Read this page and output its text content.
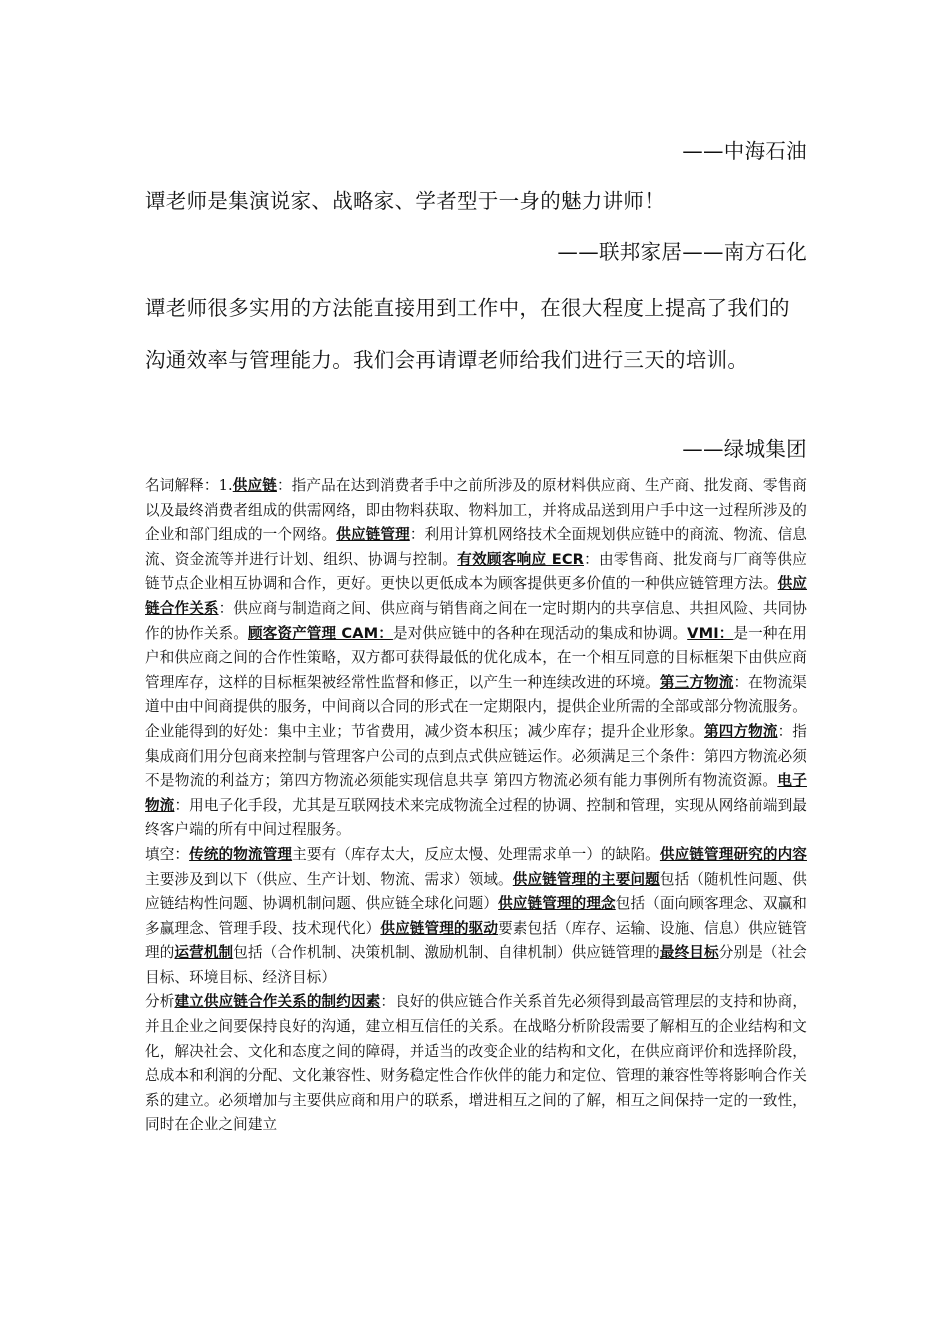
——中海石油
谭老师是集演说家、战略家、学者型于一身的魅力讲师！
——联邦家居——南方石化
谭老师很多实用的方法能直接用到工作中，在很大程度上提高了我们的沟通效率与管理能力。我们会再请谭老师给我们进行三天的培训。
——绿城集团

名词解释：1.供应链：指产品在达到消费者手中之前所涉及的原材料供应商、生产商、批发商、零售商以及最终消费者组成的供需网络，即由物料获取、物料加工，并将成品送到用户手中这一过程所涉及的企业和部门组成的一个网络。供应链管理：利用计算机网络技术全面规划供应链中的商流、物流、信息流、资金流等并进行计划、组织、协调与控制。有效顾客响应 ECR：由零售商、批发商与厂商等供应链节点企业相互协调和合作，更好。更快以更低成本为顾客提供更多价值的一种供应链管理方法。供应链合作关系：供应商与制造商之间、供应商与销售商之间在一定时期内的共享信息、共担风险、共同协作的协作关系。顾客资产管理 CAM：是对供应链中的各种在现活动的集成和协调。VMI：是一种在用户和供应商之间的合作性策略，双方都可获得最低的优化成本，在一个相互同意的目标框架下由供应商管理库存，这样的目标框架被经常性监督和修正，以产生一种连续改进的环境。第三方物流：在物流渠道中由中间商提供的服务，中间商以合同的形式在一定期限内，提供企业所需的全部或部分物流服务。企业能得到的好处：集中主业；节省费用，减少资本积压；减少库存；提升企业形象。第四方物流：指集成商们用分包商来控制与管理客户公司的点到点式供应链运作。必须满足三个条件：第四方物流必须不是物流的利益方；第四方物流必须能实现信息共享 第四方物流必须有能力事例所有物流资源。电子物流：用电子化手段，尤其是互联网技术来完成物流全过程的协调、控制和管理，实现从网络前端到最终客户端的所有中间过程服务。

填空：传统的物流管理主要有（库存太大，反应太慢、处理需求单一）的缺陷。供应链管理研究的内容主要涉及到以下（供应、生产计划、物流、需求）领域。供应链管理的主要问题包括（随机性问题、供应链结构性问题、协调机制问题、供应链全球化问题）供应链管理的理念包括（面向顾客理念、双赢和多赢理念、管理手段、技术现代化）供应链管理的驱动要素包括（库存、运输、设施、信息）供应链管理的运营机制包括（合作机制、决策机制、激励机制、自律机制）供应链管理的最终目标分别是（社会目标、环境目标、经济目标）

分析建立供应链合作关系的制约因素：良好的供应链合作关系首先必须得到最高管理层的支持和协商，并且企业之间要保持良好的沟通，建立相互信任的关系。在战略分析阶段需要了解相互的企业结构和文化，解决社会、文化和态度之间的障碍，并适当的改变企业的结构和文化，在供应商评价和选择阶段，总成本和利润的分配、文化兼容性、财务稳定性合作伙伴的能力和定位、管理的兼容性等将影响合作关系的建立。必须增加与主要供应商和用户的联系，增进相互之间的了解，相互之间保持一定的一致性，同时在企业之间建立
